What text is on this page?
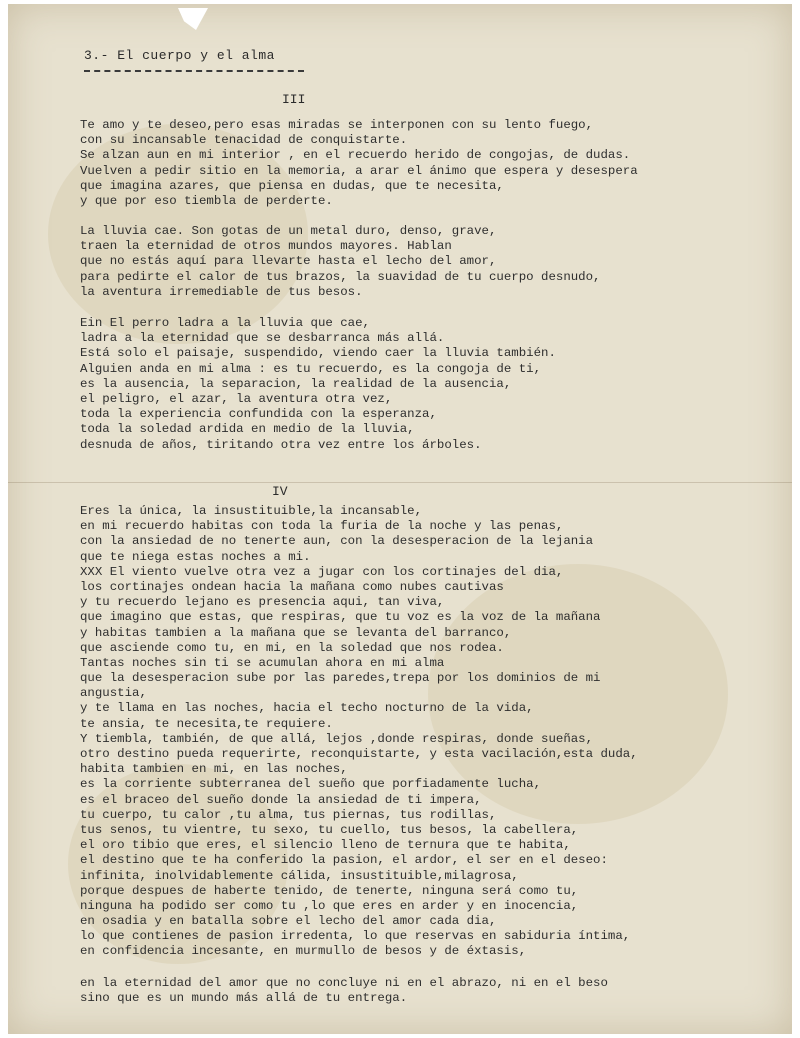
3.- El cuerpo y el alma
III
Te amo y te deseo,pero esas miradas se interponen con su lento fuego,
con su incansable tenacidad de conquistarte.
Se alzan aun en mi interior , en el recuerdo herido de congojas, de dudas.
Vuelven a pedir sitio en la memoria, a arar el ánimo que espera y desespera
que imagina azares, que piensa en dudas, que te necesita,
y que por eso tiembla de perderte.
La lluvia cae. Son gotas de un metal duro, denso, grave,
traen la eternidad de otros mundos mayores. Hablan
que no estás aquí para llevarte hasta el lecho del amor,
para pedirte el calor de tus brazos, la suavidad de tu cuerpo desnudo,
la aventura irremediable de tus besos.
Ein El perro ladra a la lluvia que cae,
ladra a la eternidad que se desbarranca más allá.
Está solo el paisaje, suspendido, viendo caer la lluvia también.
Alguien anda en mi alma : es tu recuerdo, es la congoja de ti,
es la ausencia, la separacion, la realidad de la ausencia,
el peligro, el azar, la aventura otra vez,
toda la experiencia confundida con la esperanza,
toda la soledad ardida en medio de la lluvia,
desnuda de años, tiritando otra vez entre los árboles.
IV
Eres la única, la insustituible,la incansable,
en mi recuerdo habitas con toda la furia de la noche y las penas,
con la ansiedad de no tenerte aun, con la desesperacion de la lejania
que te niega estas noches a mi.
XXX El viento vuelve otra vez a jugar con los cortinajes del dia,
los cortinajes ondean hacia la mañana como nubes cautivas
y tu recuerdo lejano es presencia aqui, tan viva,
que imagino que estas, que respiras, que tu voz es la voz de la mañana
y habitas tambien a la mañana que se levanta del barranco,
que asciende como tu, en mi, en la soledad que nos rodea.
Tantas noches sin ti se acumulan ahora en mi alma
que la desesperacion sube por las paredes,trepa por los dominios de mi
angustia,
y te llama en las noches, hacia el techo nocturno de la vida,
te ansia, te necesita,te requiere.
Y tiembla, también, de que allá, lejos ,donde respiras, donde sueñas,
otro destino pueda requerirte, reconquistarte, y esta vacilación,esta duda,
habita tambien en mi, en las noches,
es la corriente subterranea del sueño que porfiadamente lucha,
es el braceo del sueño donde la ansiedad de ti impera,
tu cuerpo, tu calor ,tu alma, tus piernas, tus rodillas,
tus senos, tu vientre, tu sexo, tu cuello, tus besos, la cabellera,
el oro tibio que eres, el silencio lleno de ternura que te habita,
el destino que te ha conferido la pasion, el ardor, el ser en el deseo:
infinita, inolvidablemente cálida, insustituible,milagrosa,
porque despues de haberte tenido, de tenerte, ninguna será como tu,
ninguna ha podido ser como tu ,lo que eres en arder y en inocencia,
en osadia y en batalla sobre el lecho del amor cada dia,
lo que contienes de pasion irredenta, lo que reservas en sabiduria íntima,
en confidencia incesante, en murmullo de besos y de éxtasis,
en la eternidad del amor que no concluye ni en el abrazo, ni en el beso
sino que es un mundo más allá de tu entrega.
